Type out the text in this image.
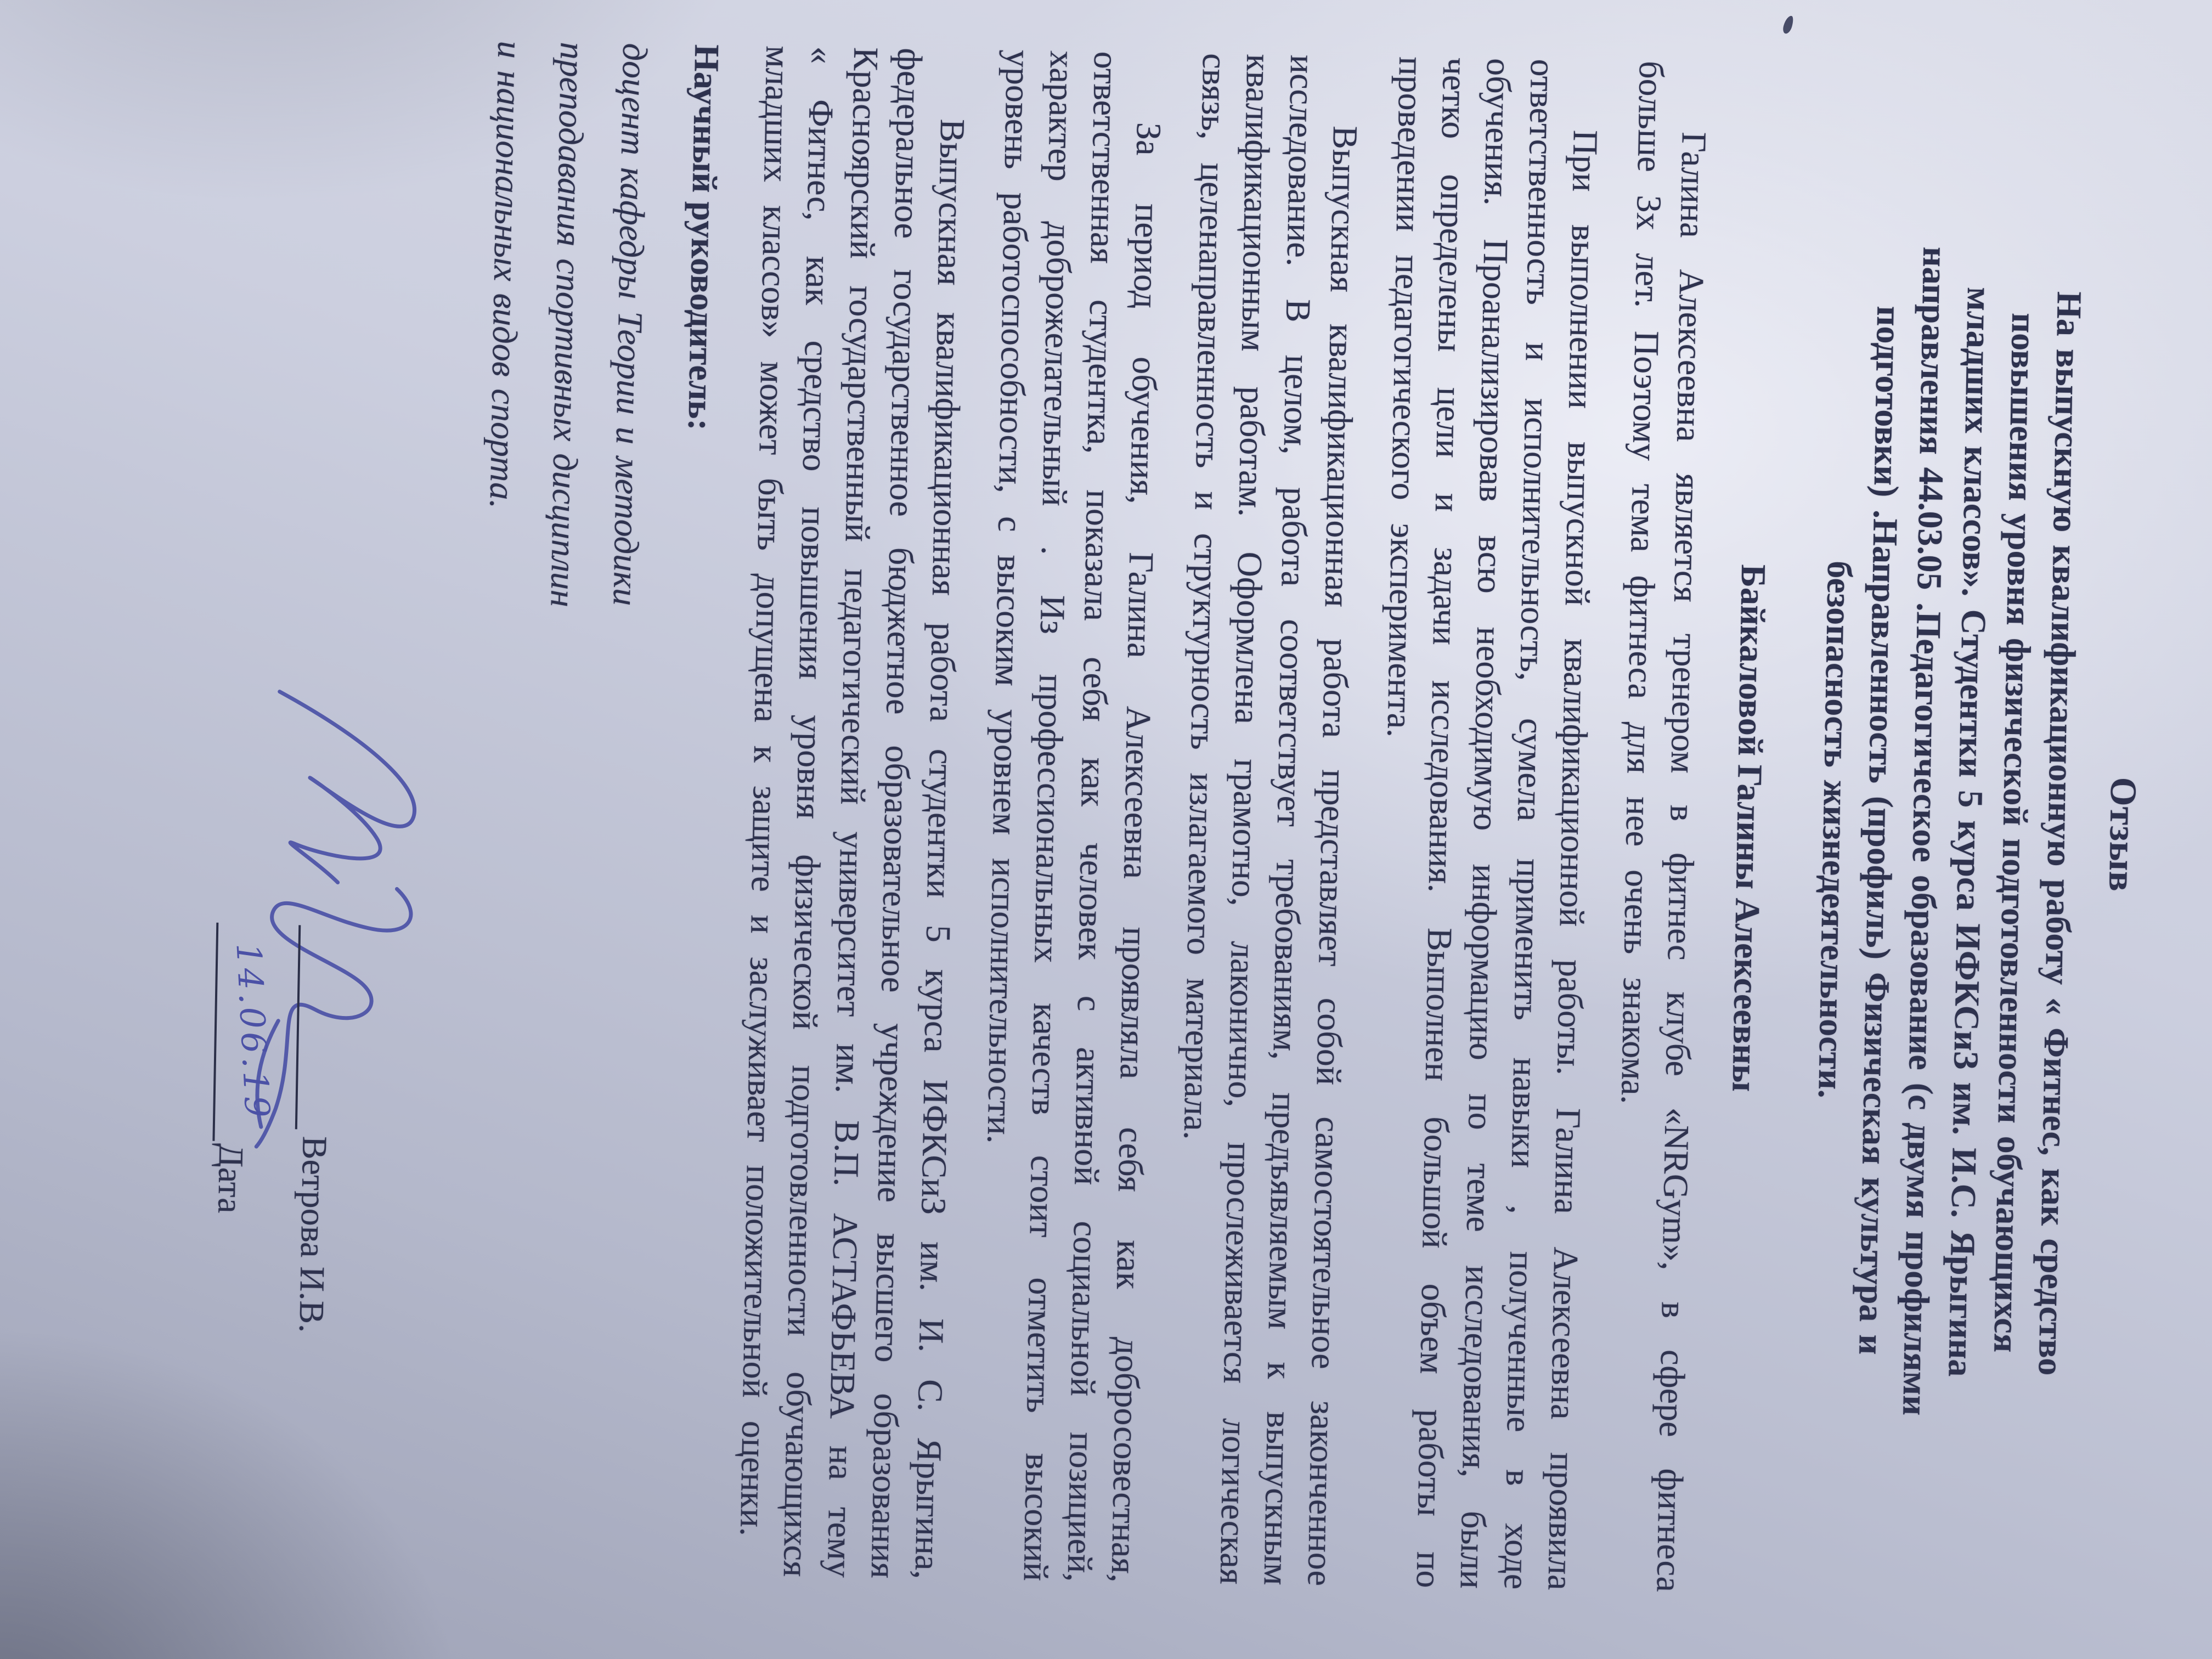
Отзыв
На выпускную квалификационную работу « Фитнес, как средство
повышения уровня физической подготовленности обучающихся
младших классов». Студентки 5 курса ИФКСиЗ им. И.С. Ярыгина
направления 44.03.05 .Педагогическое образование (с двумя профилями
подготовки) .Направленность (профиль) Физическая культура и
безопасность жизнедеятельности.
Байкаловой Галины Алексеевны

Галина Алексеевна является тренером в фитнес клубе «NRGym», в сфере фитнеса больше 3х лет. Поэтому тема фитнеса для нее очень знакома.

При выполнении выпускной квалификационной работы. Галина Алексеевна проявила ответственность и исполнительность, сумела применить навыки , полученные в ходе обучения. Проанализировав всю необходимую информацию по теме исследования, были четко определены цели и задачи исследования. Выполнен большой объем работы по проведении педагогического эксперимента.

Выпускная квалификационная работа представляет собой самостоятельное законченное исследование. В целом, работа соответствует требованиям, предъявляемым к выпускным квалификационным работам. Оформлена грамотно, лаконично, прослеживается логическая связь, целенаправленность и структурность излагаемого материала.

За период обучения, Галина Алексеевна проявляла себя как добросовестная, ответственная студентка, показала себя как человек с активной социальной позицией, характер доброжелательный . Из профессиональных качеств стоит отметить высокий уровень работоспособности, с высоким уровнем исполнительности.

Выпускная квалификационная работа студентки 5 курса ИФКСиЗ им. И. С. Ярыгина, федеральное государственное бюджетное образовательное учреждение высшего образования Красноярский государственный педагогический университет им. В.П. АСТАФЬЕВА на тему « Фитнес, как средство повышения уровня физической подготовленности обучающихся младших классов» может быть допущена к защите и заслуживает положительной оценки.

Научный руководитель:
доцент кафедры Теории и методики
преподавания спортивных дисциплин
и национальных видов спорта.
Ветрова И.В.
14.06.19
Дата
